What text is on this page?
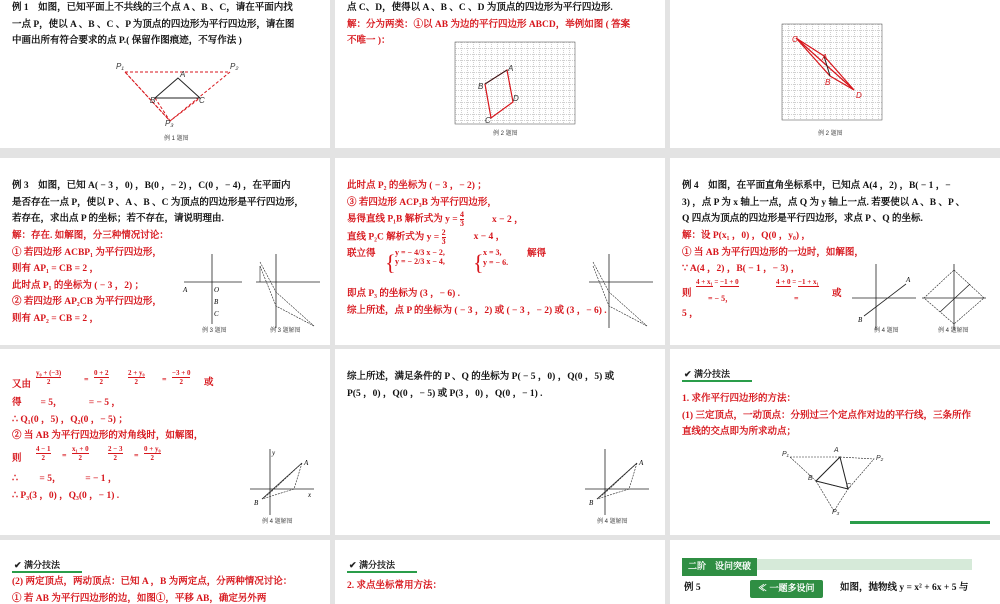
例 1　如图，已知平面上不共线的三个点 A 、B 、C，请在平面内找
一点 P，使以 A 、B 、C 、P 为顶点的四边形为平行四边形，请在图
中画出所有符合要求的点 P.( 保留作图痕迹，不写作法 )
P₁	P₂
A
B	C
P₃
例 1 题图
点 C、D，使得以 A 、B 、C 、D 为顶点的四边形为平行四边形.
解：分为两类：①以 AB 为边的平行四边形 ABCD，举例如图 ( 答案
不唯一 )：
A
B
D
C
例 2 题图
C
A
B
D
例 2 题图
例 3　如图，已知 A( − 3 ，0) ，B(0 ，− 2) ，C(0 ，− 4) ，在平面内
是否存在一点 P，使以 P 、A 、B 、C 为顶点的四边形是平行四边形，
若存在，求出点 P 的坐标；若不存在，请说明理由.
解：存在. 如解图，分三种情况讨论：
① 若四边形 ACBP₁ 为平行四边形，
则有 AP₁ = CB = 2 ，
此时点 P₁ 的坐标为 ( − 3 ，2) ；
② 若四边形 AP₂CB 为平行四边形，
则有 AP₂ = CB = 2 ，
A	O
B
C
例 3 题图	例 3 题解图
此时点 P₂ 的坐标为 ( − 3 ，− 2) ；
③ 若四边形 ACP₃B 为平行四边形，
易得直线 P₁B 解析式为 $y = \frac{4}{3}$	x − 2 ，
直线 P₂C 解析式为 $y = \frac{2}{3}$	x − 4 ，
联立得 { y = − 4/3 x − 2,
y = − 2/3 x − 4, { x = 3,
y = − 6.
解得
即点 P₃ 的坐标为 (3 ，− 6) .
综上所述，点 P 的坐标为 ( − 3 ，2) 或 ( − 3 ，− 2) 或 (3 ，− 6) .
例 4　如图，在平面直角坐标系中，已知点 A(4 ，2) ，B( − 1 ，−
3) ，点 P 为 x 轴上一点，点 Q 为 y 轴上一点. 若要使以 A 、B 、P 、
Q 四点为顶点的四边形是平行四边形，求点 P 、Q 的坐标.
解：设 P(x₁ ，0) ，Q(0 ，y₀) ，
① 当 AB 为平行四边形的一边时，如解图，
∵ A(4 ，2) ，B( − 1 ，− 3) ，
则
4 + x₁ = −1 + 0
= − 5，
4 + 0 = −1 + x₁
=	或
5 ，
A
B
例 4 题图	例 4 题解图
又由
y₀ + (−3)
2	=
0 + 2
2
2 + y₀
2	=
−3 + 0
2	或
得 = 5，	= − 5 ，
∴ Q₁(0 ，5) ，Q₂(0 ，− 5) ；
② 当 AB 为平行四边形的对角线时，如解图，
则
4 − 1
2	=
x₁ + 0
2
2 − 3
2	=
0 + y₀
2
∴ = 5，	= − 1 ，
∴ P₃(3 ，0) ，Q₃(0 ，− 1) .
A
B
x
y
例 4 题解图
综上所述，满足条件的 P 、Q 的坐标为 P( − 5 ，0) ，Q(0 ，5) 或
P(5 ，0) ，Q(0 ，− 5) 或 P(3 ，0) ，Q(0 ，− 1) .
A
B
例 4 题解图
✔ 满分技法
1. 求作平行四边形的方法：
(1) 三定顶点，一动顶点：分别过三个定点作对边的平行线，三条所作
直线的交点即为所求动点；
P₁
A
P₂
B
C
P₃
✔ 满分技法
(2) 两定顶点，两动顶点：已知 A ，B 为两定点，分两种情况讨论：
① 若 AB 为平行四边形的边，如图①，平移 AB，确定另外两
✔ 满分技法
2. 求点坐标常用方法：
二阶　设问突破
例 5	≪ 一题多设问	如图，抛物线 y = x² + 6x + 5 与
